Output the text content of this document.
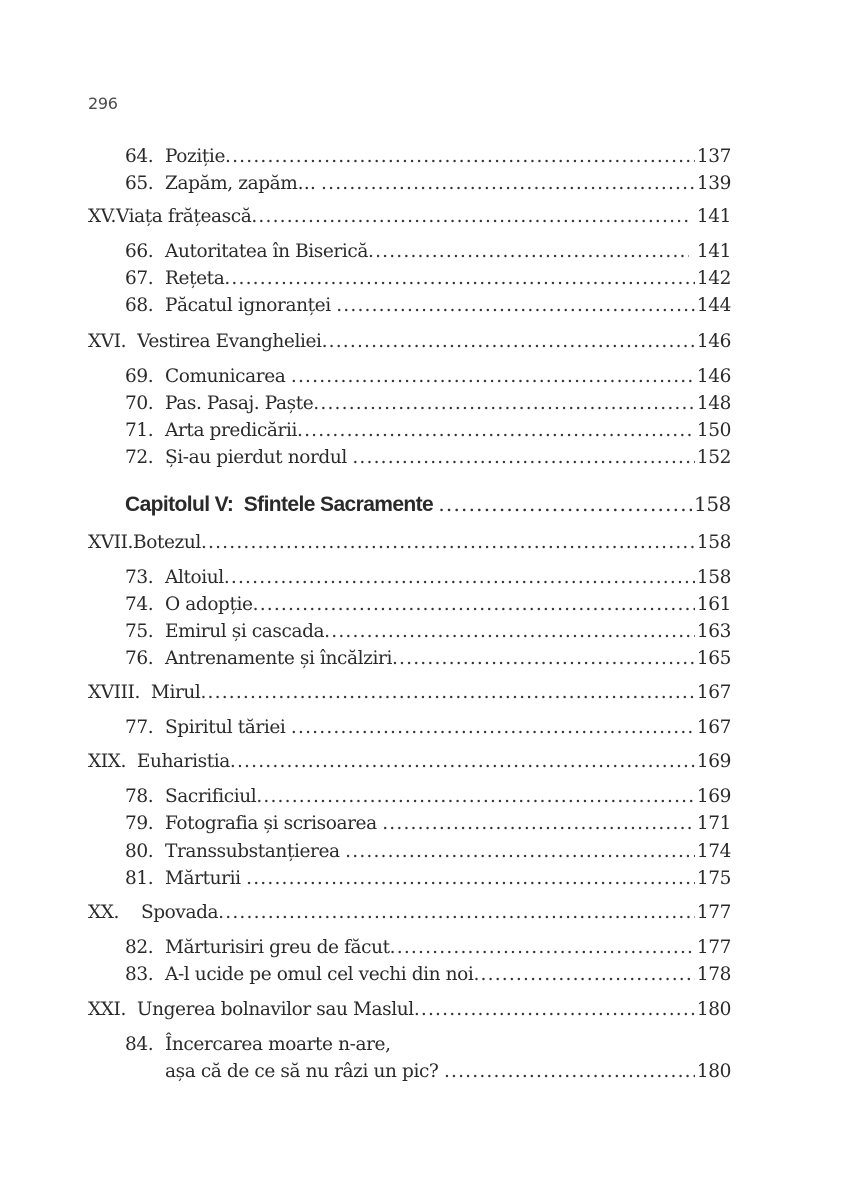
296
64. Poziție .....	137
65. Zapăm, zapăm… .....	139
XV. Viața frățească .....	141
66. Autoritatea în Biserică .....	141
67. Rețeta .....	142
68. Păcatul ignoranței .....	144
XVI. Vestirea Evangheliei .....	146
69. Comunicarea .....	146
70. Pas. Pasaj. Paște .....	148
71. Arta predicării .....	150
72. Și-au pierdut nordul .....	152
Capitolul V:  Sfintele Sacramente .....	158
XVII. Botezul .....	158
73. Altoiul .....	158
74. O adopție .....	161
75. Emirul și cascada .....	163
76. Antrenamente și încălziri .....	165
XVIII. Mirul .....	167
77. Spiritul tăriei .....	167
XIX. Euharistia .....	169
78. Sacrificiul .....	169
79. Fotografia și scrisoarea .....	171
80. Transsubstanțierea .....	174
81. Mărturii .....	175
XX. Spovada .....	177
82. Mărturisiri greu de făcut .....	177
83. A-l ucide pe omul cel vechi din noi .....	178
XXI. Ungerea bolnavilor sau Maslul .....	180
84. Încercarea moarte n-are,
așa că de ce să nu râzi un pic? .....	180
